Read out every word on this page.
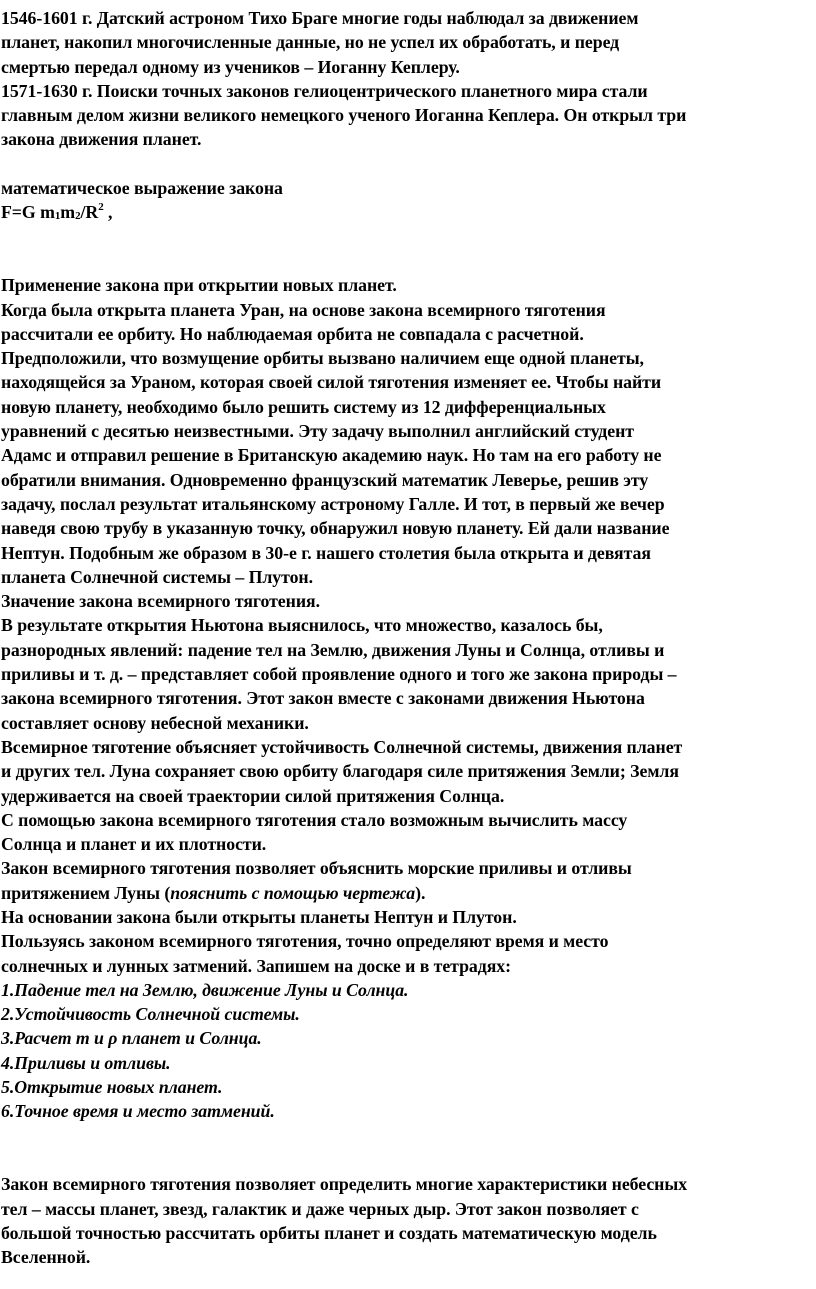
1546-1601 г. Датский астроном Тихо Браге многие годы наблюдал за движением

планет, накопил многочисленные данные, но не успел их обработать, и перед

смертью передал одному из учеников – Иоганну Кеплеру.

1571-1630 г. Поиски точных законов гелиоцентрического планетного мира стали

главным делом жизни великого немецкого ученого Иоганна Кеплера. Он открыл три

закона движения планет.

математическое выражение закона

F=G $m_1m_2/R^2$ ,

Применение закона при открытии новых планет.

Когда была открыта планета Уран, на основе закона всемирного тяготения

рассчитали ее орбиту. Но наблюдаемая орбита не совпадала с расчетной.

Предположили, что возмущение орбиты вызвано наличием еще одной планеты,

находящейся за Ураном, которая своей силой тяготения изменяет ее. Чтобы найти

новую планету, необходимо было решить систему из 12 дифференциальных

уравнений с десятью неизвестными. Эту задачу выполнил английский студент

Адамс и отправил решение в Британскую академию наук. Но там на его работу не

обратили внимания. Одновременно французский математик Леверье, решив эту

задачу, послал результат итальянскому астроному Галле. И тот, в первый же вечер

наведя свою трубу в указанную точку, обнаружил новую планету. Ей дали название

Нептун. Подобным же образом в 30-е г. нашего столетия была открыта и девятая

планета Солнечной системы – Плутон.

Значение закона всемирного тяготения.

В результате открытия Ньютона выяснилось, что множество, казалось бы,

разнородных явлений: падение тел на Землю, движения Луны и Солнца, отливы и

приливы и т. д. – представляет собой проявление одного и того же закона природы –

закона всемирного тяготения. Этот закон вместе с законами движения Ньютона

составляет основу небесной механики.

Всемирное тяготение объясняет устойчивость Солнечной системы, движения планет

и других тел. Луна сохраняет свою орбиту благодаря силе притяжения Земли; Земля

удерживается на своей траектории силой притяжения Солнца.

С помощью закона всемирного тяготения стало возможным вычислить массу

Солнца и планет и их плотности.

Закон всемирного тяготения позволяет объяснить морские приливы и отливы

притяжением Луны (пояснить с помощью чертежа).

На основании закона были открыты планеты Нептун и Плутон.

Пользуясь законом всемирного тяготения, точно определяют время и место

солнечных и лунных затмений. Запишем на доске и в тетрадях:

1.Падение тел на Землю, движение Луны и Солнца.

2.Устойчивость Солнечной системы.

3.Расчет m и ρ планет и Солнца.

4.Приливы и отливы.

5.Открытие новых планет.

6.Точное время и место затмений.

Закон всемирного тяготения позволяет определить многие характеристики небесных

тел – массы планет, звезд, галактик и даже черных дыр. Этот закон позволяет с

большой точностью рассчитать орбиты планет и создать математическую модель

Вселенной.
